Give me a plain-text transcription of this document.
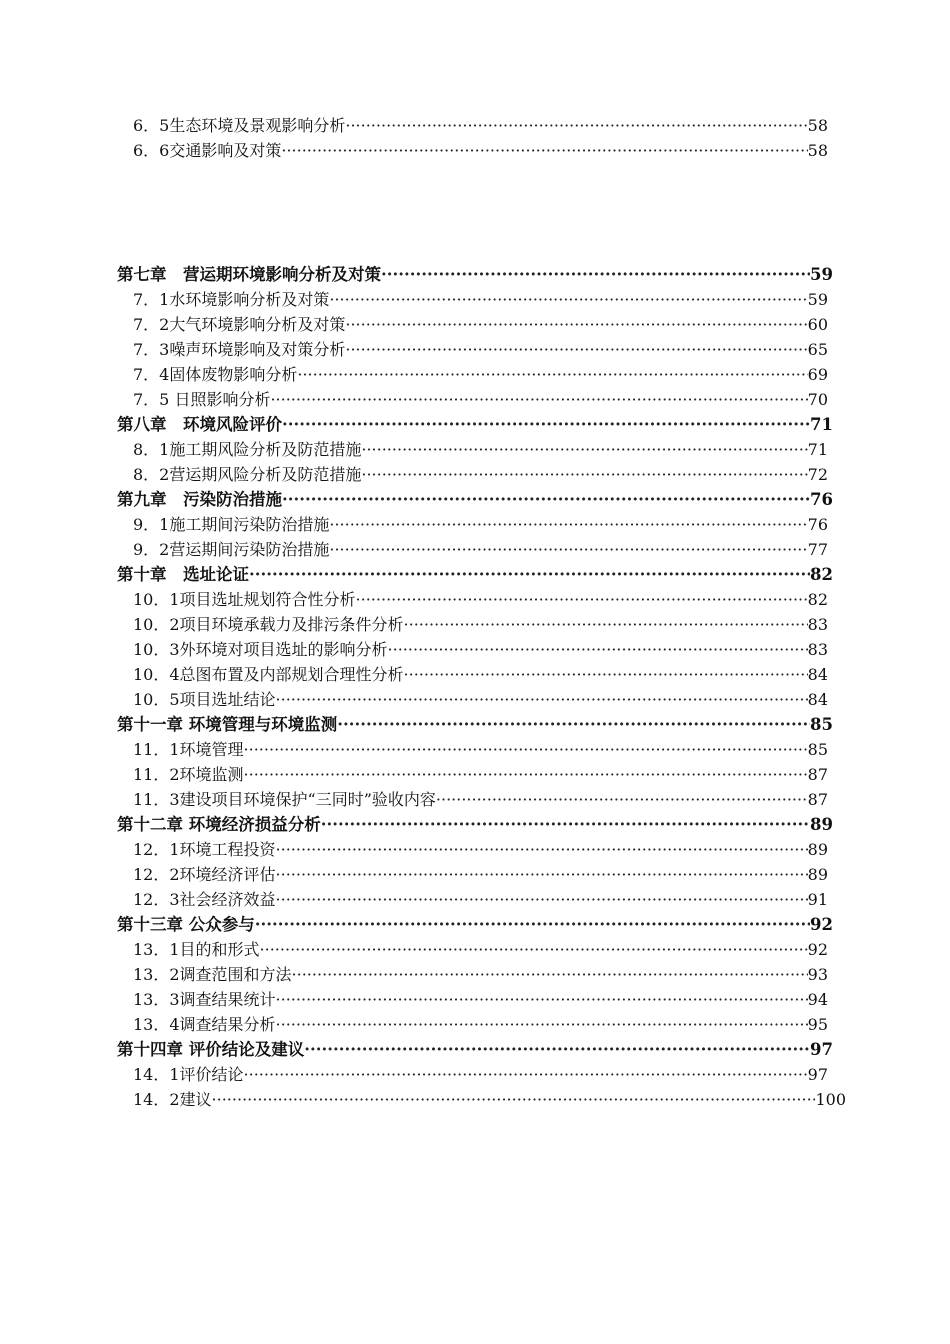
6．5生态环境及景观影响分析 ·····	58
6．6交通影响及对策 ·····	58
第七章　营运期环境影响分析及对策 ·····	59
7．1水环境影响分析及对策 ·····	59
7．2大气环境影响分析及对策 ·····	60
7．3噪声环境影响及对策分析 ·····	65
7．4固体废物影响分析 ·····	69
7．5 日照影响分析 ·····	70
第八章　环境风险评价 ·····	71
8．1施工期风险分析及防范措施 ·····	71
8．2营运期风险分析及防范措施 ·····	72
第九章　污染防治措施 ·····	76
9．1施工期间污染防治措施 ·····	76
9．2营运期间污染防治措施 ·····	77
第十章　选址论证 ·····	82
10．1项目选址规划符合性分析 ·····	82
10．2项目环境承载力及排污条件分析 ·····	83
10．3外环境对项目选址的影响分析 ·····	83
10．4总图布置及内部规划合理性分析 ·····	84
10．5项目选址结论 ·····	84
第十一章 环境管理与环境监测 ·····	85
11．1环境管理 ·····	85
11．2环境监测 ·····	87
11．3建设项目环境保护“三同时”验收内容 ·····	87
第十二章 环境经济损益分析 ·····	89
12．1环境工程投资 ·····	89
12．2环境经济评估 ·····	89
12．3社会经济效益 ·····	91
第十三章 公众参与 ·····	92
13．1目的和形式 ·····	92
13．2调查范围和方法 ·····	93
13．3调查结果统计 ·····	94
13．4调查结果分析 ·····	95
第十四章 评价结论及建议 ·····	97
14．1评价结论 ·····	97
14．2建议 ·····	100
